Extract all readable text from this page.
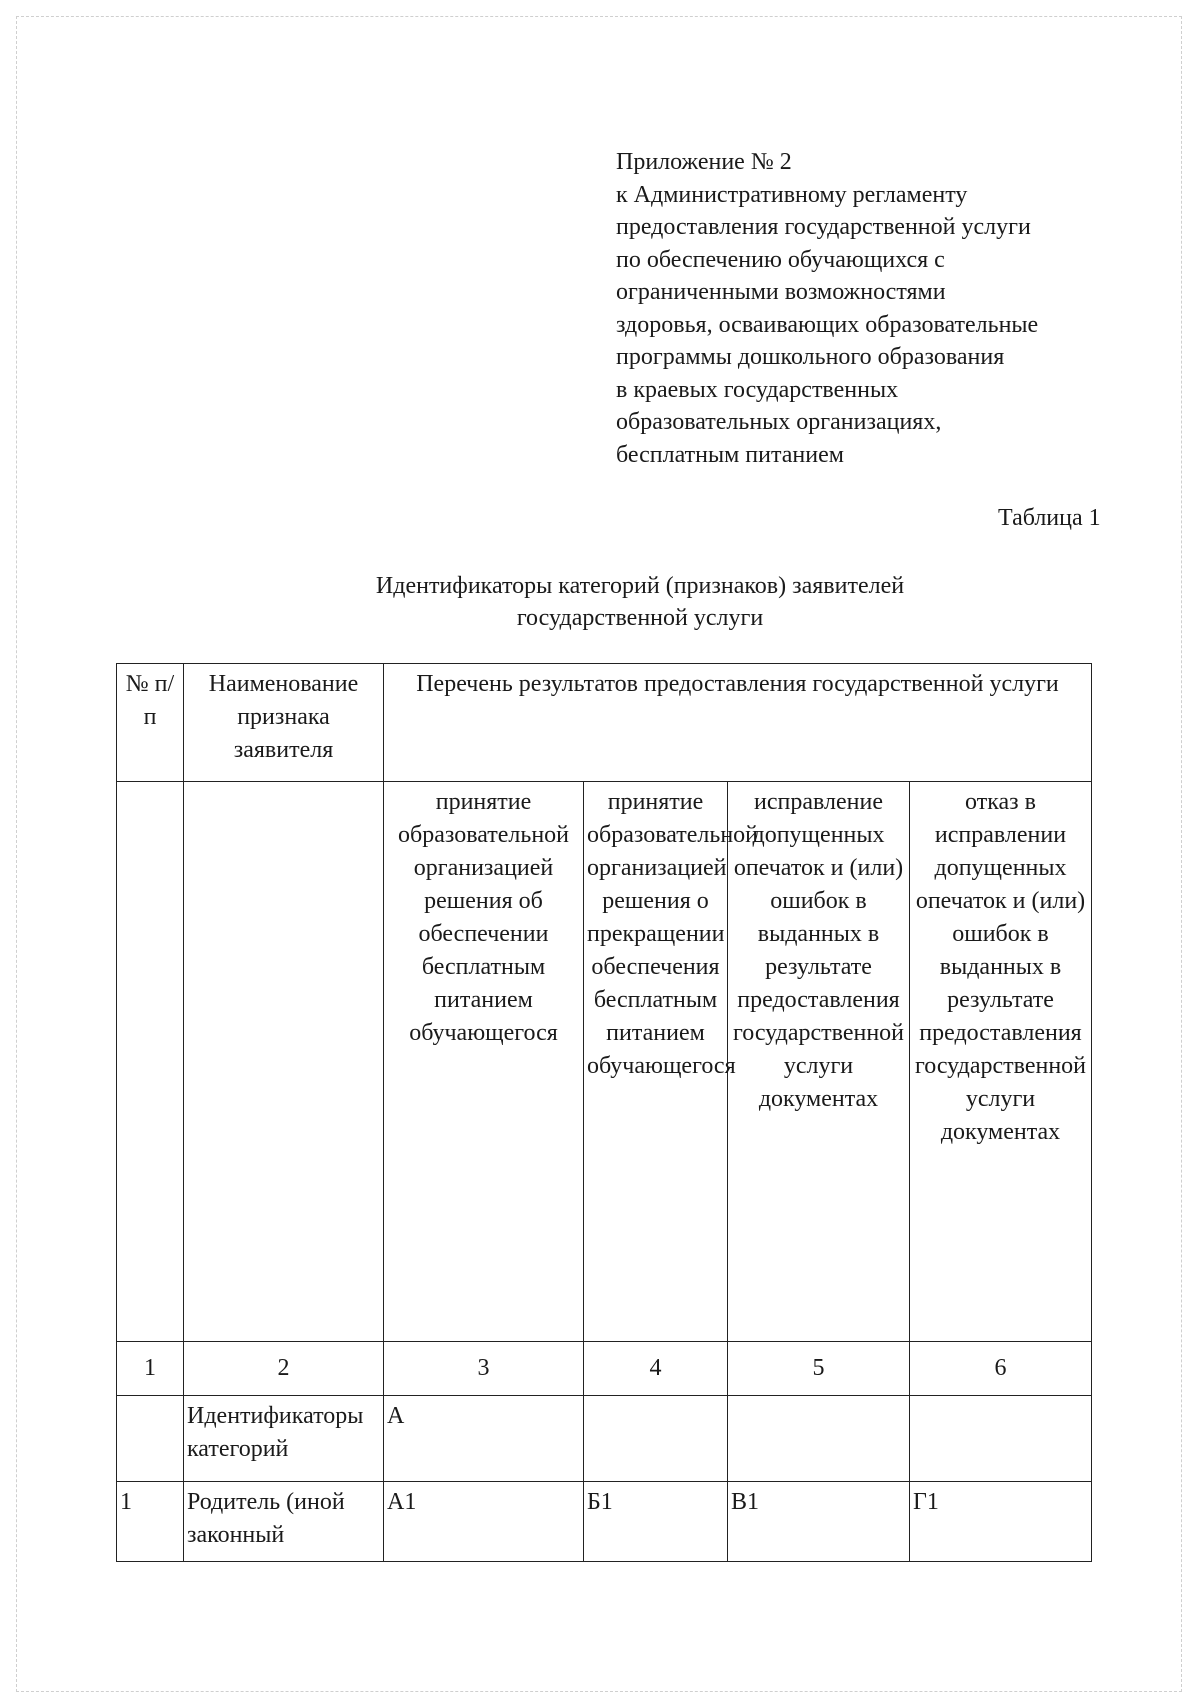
Приложение № 2
к Административному регламенту
предоставления государственной услуги
по обеспечению обучающихся с
ограниченными возможностями
здоровья, осваивающих образовательные
программы дошкольного образования
в краевых государственных
образовательных организациях,
бесплатным питанием
Таблица 1
Идентификаторы категорий (признаков) заявителей
государственной услуги
№ п/п	Наименование признака заявителя	Перечень результатов предоставления государственной услуги			
		принятие образовательной организацией решения об обеспечении бесплатным питанием обучающегося	принятие образовательной организацией решения о прекращении обеспечения бесплатным питанием обучающегося	исправление допущенных опечаток и (или) ошибок в выданных в результате предоставления государственной услуги документах	отказ в исправлении допущенных опечаток и (или) ошибок в выданных в результате предоставления государственной услуги документах
1	2	3	4	5	6
	Идентификаторы категорий	А			
1	Родитель (иной законный	А1	Б1	В1	Г1
